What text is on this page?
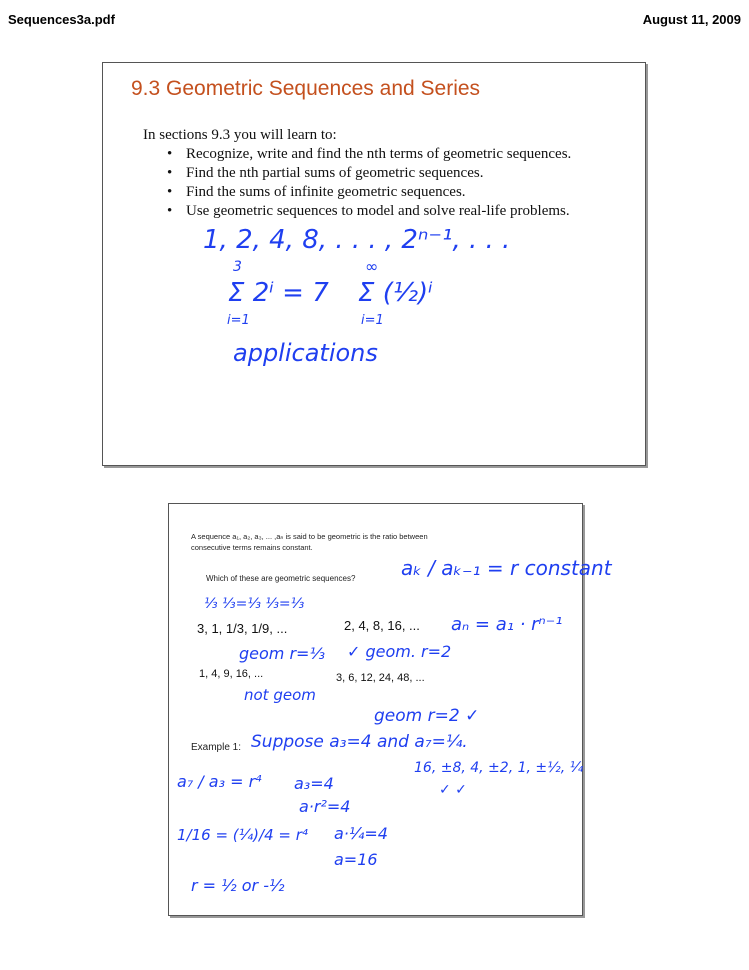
Sequences3a.pdf	August 11, 2009
9.3 Geometric Sequences and Series
In sections 9.3 you will learn to:
• Recognize, write and find the nth terms of geometric sequences.
• Find the nth partial sums of geometric sequences.
• Find the sums of infinite geometric sequences.
• Use geometric sequences to model and solve real-life problems.
1, 2, 4, 8, . . . , 2ⁿ⁻¹, . . .
3
Σ 2ⁱ = 7
i=1
∞
Σ (½)ⁱ
i=1
applications
A sequence a₁, a₂, a₃, ... ,aₙ is said to be geometric is the ratio between
consecutive terms remains constant.
Which of these are geometric sequences?
3, 1, 1/3, 1/9, ...	2, 4, 8, 16, ...
1, 4, 9, 16, ...	3, 6, 12, 24, 48, ...
Example 1:
aₖ / aₖ₋₁ = r constant
aₙ = a₁ · rⁿ⁻¹
⅓ ⅓=⅓ ⅓=⅓
geom r=⅓ ✓ geom. r=2
not geom
geom r=2 ✓
Suppose a₃=4 and a₇=¼.
16, ±8, 4, ±2, 1, ±½, ¼
✓ ✓
a₇ / a₃ = r⁴ a₃=4
a·r²=4
1/16 = (¼)/4 = r⁴ a·¼=4
a=16
r = ½ or -½
